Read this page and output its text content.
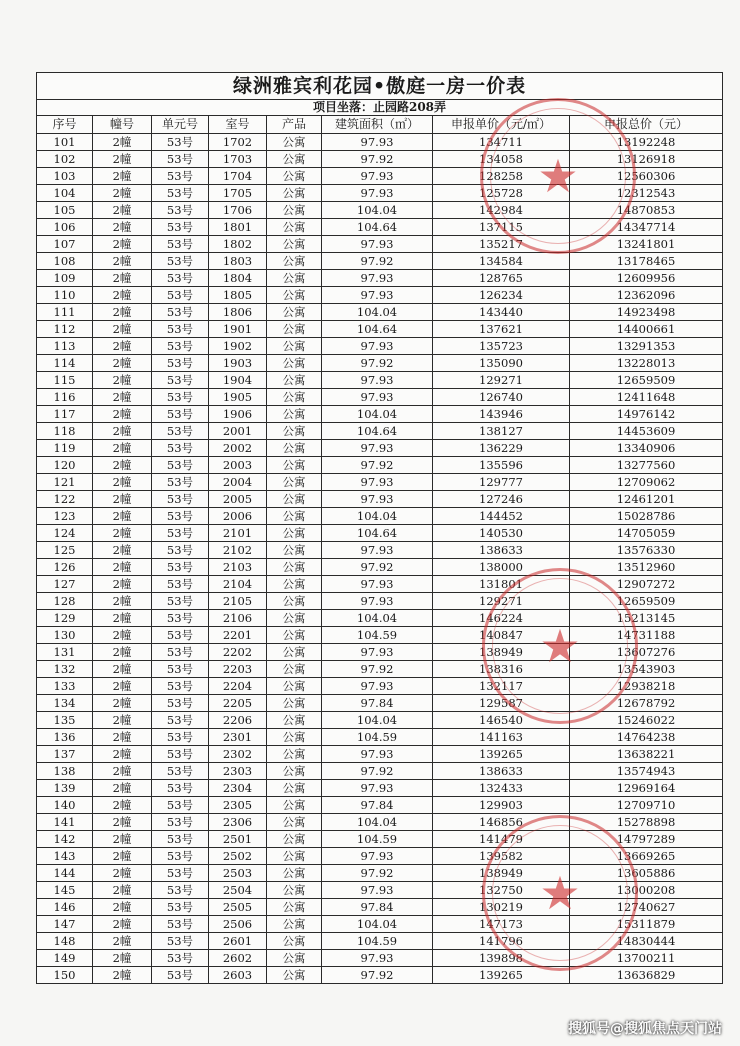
绿洲雅宾利花园•傲庭一房一价表							
项目坐落：止园路208弄							
序号	幢号	单元号	室号	产品	建筑面积（㎡）	申报单价（元/㎡）	申报总价（元）
101	2幢	53号	1702	公寓	97.93	134711	13192248
102	2幢	53号	1703	公寓	97.92	134058	13126918
103	2幢	53号	1704	公寓	97.93	128258	12560306
104	2幢	53号	1705	公寓	97.93	125728	12312543
105	2幢	53号	1706	公寓	104.04	142984	14870853
106	2幢	53号	1801	公寓	104.64	137115	14347714
107	2幢	53号	1802	公寓	97.93	135217	13241801
108	2幢	53号	1803	公寓	97.92	134584	13178465
109	2幢	53号	1804	公寓	97.93	128765	12609956
110	2幢	53号	1805	公寓	97.93	126234	12362096
111	2幢	53号	1806	公寓	104.04	143440	14923498
112	2幢	53号	1901	公寓	104.64	137621	14400661
113	2幢	53号	1902	公寓	97.93	135723	13291353
114	2幢	53号	1903	公寓	97.92	135090	13228013
115	2幢	53号	1904	公寓	97.93	129271	12659509
116	2幢	53号	1905	公寓	97.93	126740	12411648
117	2幢	53号	1906	公寓	104.04	143946	14976142
118	2幢	53号	2001	公寓	104.64	138127	14453609
119	2幢	53号	2002	公寓	97.93	136229	13340906
120	2幢	53号	2003	公寓	97.92	135596	13277560
121	2幢	53号	2004	公寓	97.93	129777	12709062
122	2幢	53号	2005	公寓	97.93	127246	12461201
123	2幢	53号	2006	公寓	104.04	144452	15028786
124	2幢	53号	2101	公寓	104.64	140530	14705059
125	2幢	53号	2102	公寓	97.93	138633	13576330
126	2幢	53号	2103	公寓	97.92	138000	13512960
127	2幢	53号	2104	公寓	97.93	131801	12907272
128	2幢	53号	2105	公寓	97.93	129271	12659509
129	2幢	53号	2106	公寓	104.04	146224	15213145
130	2幢	53号	2201	公寓	104.59	140847	14731188
131	2幢	53号	2202	公寓	97.93	138949	13607276
132	2幢	53号	2203	公寓	97.92	138316	13543903
133	2幢	53号	2204	公寓	97.93	132117	12938218
134	2幢	53号	2205	公寓	97.84	129587	12678792
135	2幢	53号	2206	公寓	104.04	146540	15246022
136	2幢	53号	2301	公寓	104.59	141163	14764238
137	2幢	53号	2302	公寓	97.93	139265	13638221
138	2幢	53号	2303	公寓	97.92	138633	13574943
139	2幢	53号	2304	公寓	97.93	132433	12969164
140	2幢	53号	2305	公寓	97.84	129903	12709710
141	2幢	53号	2306	公寓	104.04	146856	15278898
142	2幢	53号	2501	公寓	104.59	141479	14797289
143	2幢	53号	2502	公寓	97.93	139582	13669265
144	2幢	53号	2503	公寓	97.92	138949	13605886
145	2幢	53号	2504	公寓	97.93	132750	13000208
146	2幢	53号	2505	公寓	97.84	130219	12740627
147	2幢	53号	2506	公寓	104.04	147173	15311879
148	2幢	53号	2601	公寓	104.59	141796	14830444
149	2幢	53号	2602	公寓	97.93	139898	13700211
150	2幢	53号	2603	公寓	97.92	139265	13636829
★
★
★
搜狐号@搜狐焦点天门站
